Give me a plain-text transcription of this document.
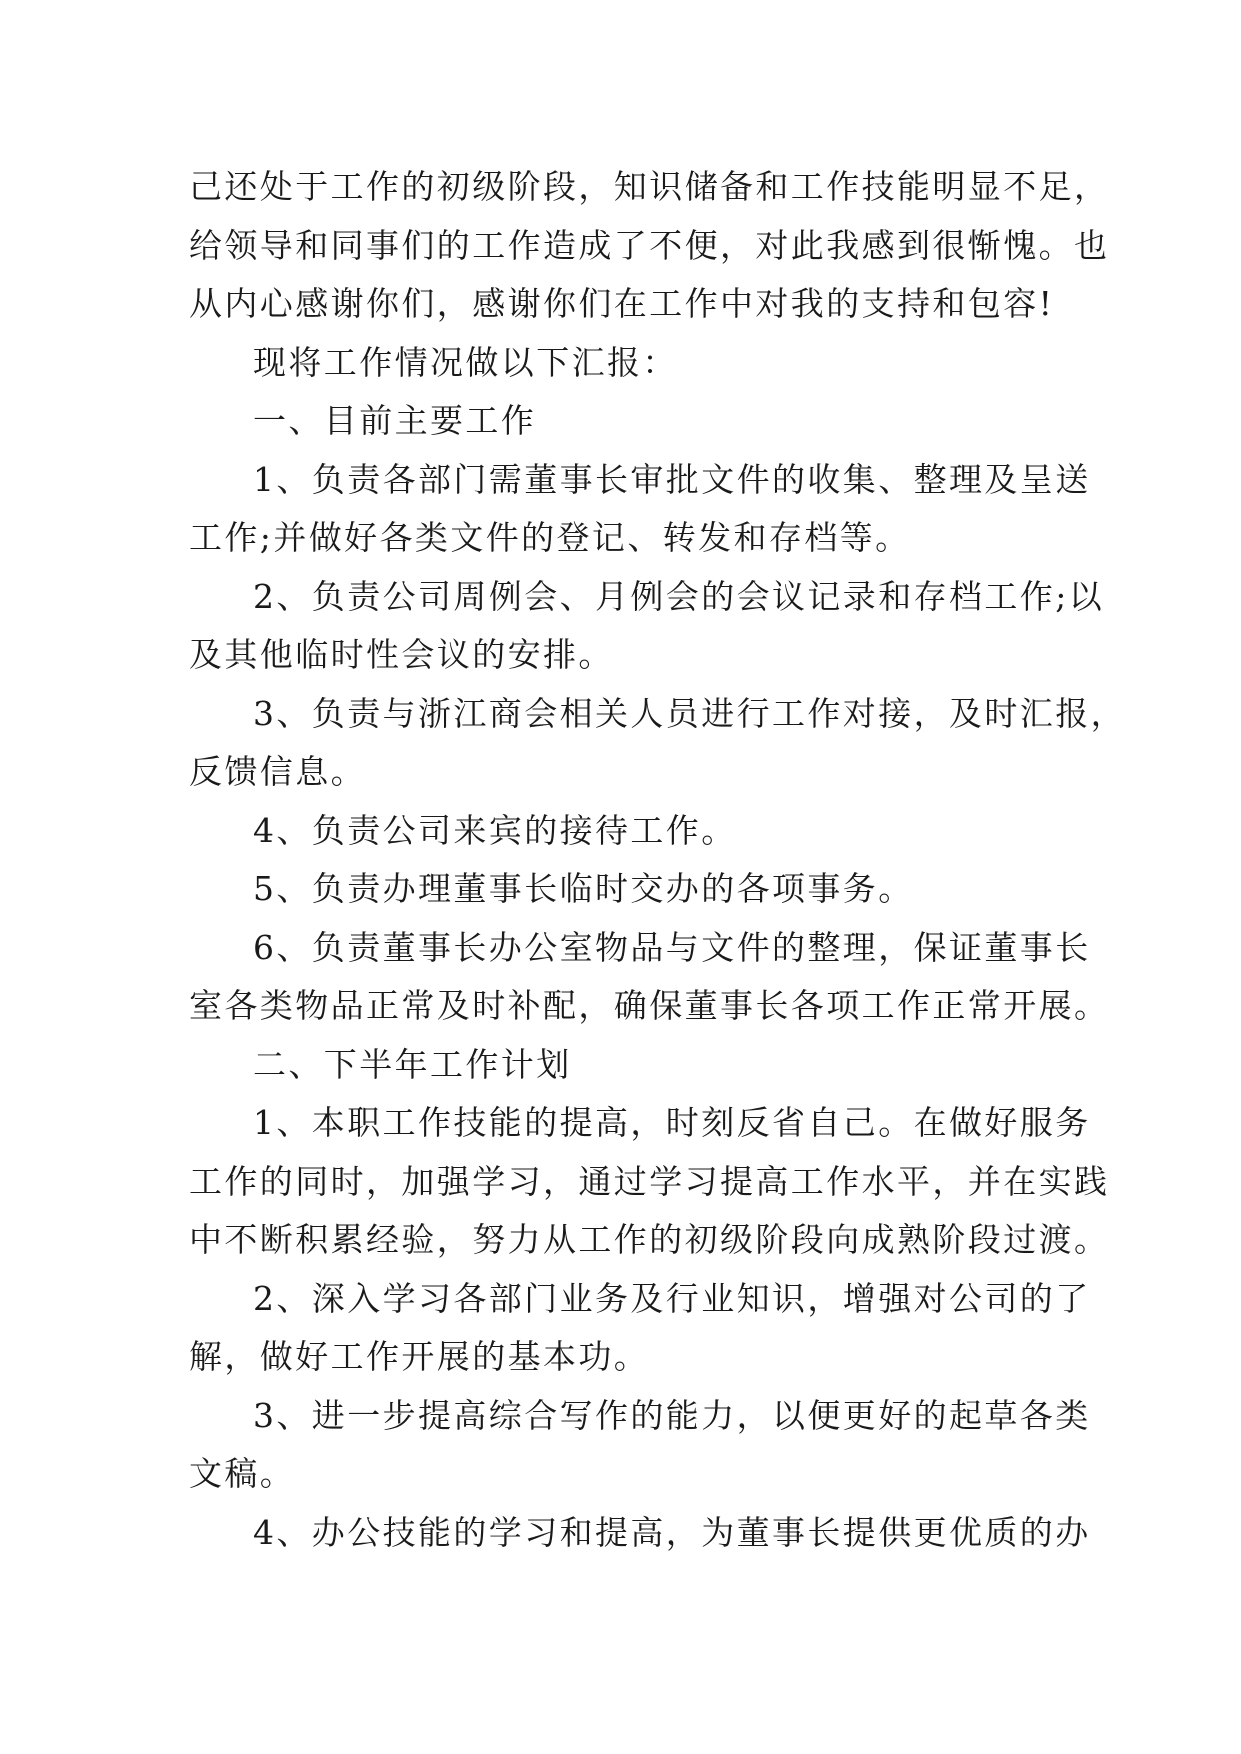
己还处于工作的初级阶段，知识储备和工作技能明显不足，
给领导和同事们的工作造成了不便，对此我感到很惭愧。也
从内心感谢你们，感谢你们在工作中对我的支持和包容!
现将工作情况做以下汇报：
一、目前主要工作
1、负责各部门需董事长审批文件的收集、整理及呈送
工作;并做好各类文件的登记、转发和存档等。
2、负责公司周例会、月例会的会议记录和存档工作;以
及其他临时性会议的安排。
3、负责与浙江商会相关人员进行工作对接，及时汇报，
反馈信息。
4、负责公司来宾的接待工作。
5、负责办理董事长临时交办的各项事务。
6、负责董事长办公室物品与文件的整理，保证董事长
室各类物品正常及时补配，确保董事长各项工作正常开展。
二、下半年工作计划
1、本职工作技能的提高，时刻反省自己。在做好服务
工作的同时，加强学习，通过学习提高工作水平，并在实践
中不断积累经验，努力从工作的初级阶段向成熟阶段过渡。
2、深入学习各部门业务及行业知识，增强对公司的了
解，做好工作开展的基本功。
3、进一步提高综合写作的能力，以便更好的起草各类
文稿。
4、办公技能的学习和提高，为董事长提供更优质的办
